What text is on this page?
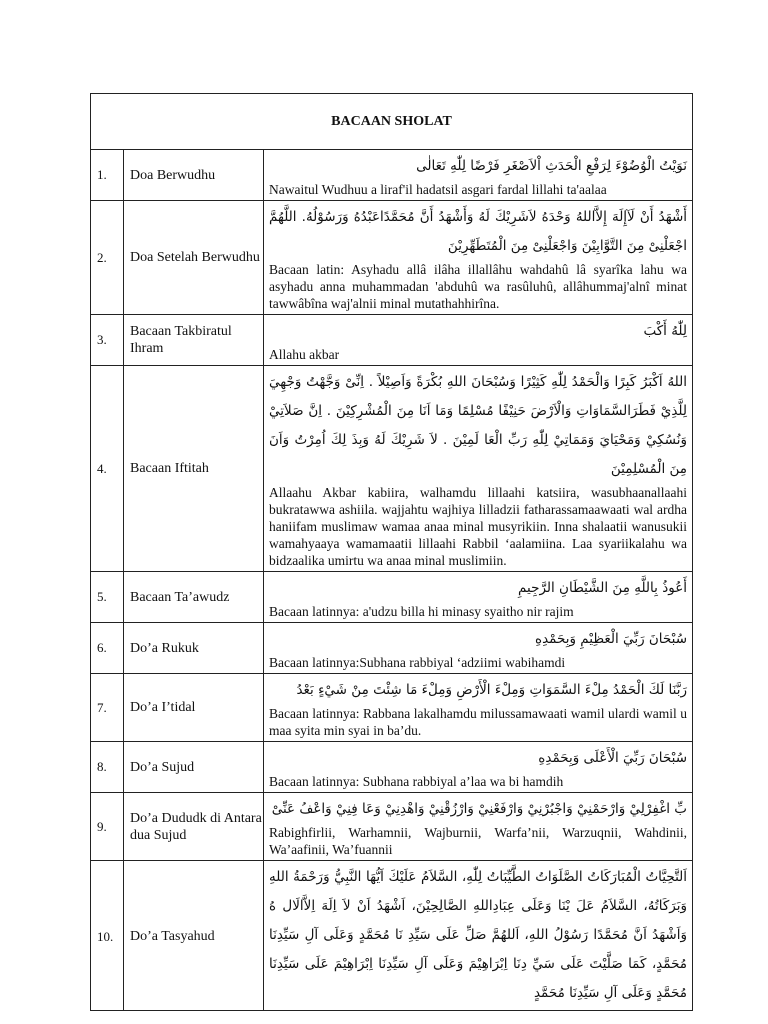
BACAAN SHOLAT		
1.	Doa Berwudhu	نَوَيْتُ الْوُضُوْءَ لِرَفْعِ الْحَدَثِ اْلاَصْغَرِ فَرْضًا لِلّٰهِ تَعَالٰى
Nawaitul Wudhuu a liraf'il hadatsil asgari fardal lillahi ta'aalaa

2.	Doa Setelah Berwudhu	أَشْهَدُ أَنْ لَآإِلَهَ إِلاَّاللهُ وَحْدَهُ لاَشَرِيْكَ لَهُ وَأَشْهَدُ أَنَّ مُحَمَّدًاعَبْدُهُ وَرَسُوْلُهُ. اللَّهُمَّ اجْعَلْنِىْ مِنَ التَّوَّابِيْنَ وَاجْعَلْنِىْ مِنَ الْمُتَطَهِّرِيْنَ
Bacaan latin: Asyhadu allâ ilâha illallâhu wahdahû lâ syarîka lahu wa asyhadu anna muhammadan 'abduhû wa rasûluhû, allâhummaj'alnî minat tawwâbîna waj'alnii minal mutathahhirîna.

3.	Bacaan Takbiratul Ihram	لِلّٰهُ أَكْبَ
Allahu akbar

4.	Bacaan Iftitah	اللهُ اَكْبَرُ كَبِرًا وَالْحَمْدُ لِلّٰهِ كَثِيْرًا وَسُبْحَانَ اللهِ بُكْرَةً وَاَصِيْلاً . اِنِّىْ وَجَّهْتُ وَجْهِيَ لِلَّذِيْ فَطَرَالسَّمَاوَاتِ وَالْاَرْضَ حَنِيْفًا مُسْلِمًا وَمَا اَنَا مِنَ الْمُشْرِكِيْنَ . اِنَّ صَلاَتِيْ وَنُسُكِيْ وَمَحْيَايَ وَمَمَاتِيْ لِلّٰهِ رَبِّ الْعَا لَمِيْنَ . لاَ شَرِيْكَ لَهُ وَبِذَ لِكَ اُمِرْتُ وَاَنَ مِنَ الْمُسْلِمِيْنَ
Allaahu Akbar kabiira, walhamdu lillaahi katsiira, wasubhaanallaahi bukratawwa ashiila. wajjahtu wajhiya lilladzii fatharassamaawaati wal ardha haniifam muslimaw wamaa anaa minal musyrikiin. Inna shalaatii wanusukii wamahyaaya wamamaatii lillaahi Rabbil ‘aalamiina. Laa syariikalahu wa bidzaalika umirtu wa anaa minal muslimiin.

5.	Bacaan Ta’awudz	أَعُوذُ بِاللَّهِ مِنَ الشَّيْطَانِ الرَّجِيمِ
Bacaan latinnya: a'udzu billa hi minasy syaitho nir rajim

6.	Do’a Rukuk	سُبْحَانَ رَبِّيَ الْعَظِيْمِ وَبِحَمْدِهِ
Bacaan latinnya:Subhana rabbiyal ‘adziimi wabihamdi

7.	Do’a I’tidal	رَبَّنَا لَكَ الْحَمْدُ مِلْءَ السَّمَوَاتِ وَمِلْءَ الْأَرْضِ وَمِلْءَ مَا شِئْتَ مِنْ شَيْءٍ بَعْدُ
Bacaan latinnya: Rabbana lakalhamdu milussamawaati wamil ulardi wamil u maa syita min syai in ba’du.

8.	Do’a Sujud	سُبْحَانَ رَبِّيَ الْأَعْلَى وَبِحَمْدِهِ
Bacaan latinnya: Subhana rabbiyal a’laa wa bi hamdih

9.	Do’a Dududk di Antara dua Sujud	بِّ اغْفِرْلِيْ وَارْحَمْنِيْ وَاجْبُرْنِيْ وَارْفَعْنِيْ وَارْزُقْنِيْ وَاهْدِنِيْ وَعَا فِنِيْ وَاعْفُ عَنِّىْ
Rabighfirlii, Warhamnii, Wajburnii, Warfa’nii, Warzuqnii, Wahdinii, Wa’aafinii, Wa’fuannii

10.	Do’a Tasyahud	اَلتَّحِيَّاتُ الْمُبَارَكَاتُ الصَّلَوَاتُ الطَّيِّبَاتُ لِلّٰهِ، السَّلاَمُ عَلَيْكَ اَيُّهَا النَّبِيُّ وَرَحْمَةُ اللهِ وَبَرَكَاتُهُ، السَّلاَمُ عَلَ يْنَا وَعَلَى عِبَادِاللهِ الصَّالِحِيْنَ، اَشْهَدُ اَنْ لاَ اِلَهَ اِلاَّالَال هُ وَاَشْهَدُ اَنَّ مُحَمَّدًا رَسُوْلُ اللهِ، اَللهُمَّ صَلِّ عَلَى سَيِّدِ نَا مُحَمَّدٍ وَعَلَى آلِ سَيِّدِنَا مُحَمَّدٍ، كَمَا صَلَّيْتَ عَلَى سَيِّ دِنَا اِبْرَاهِيْمَ وَعَلَى آلِ سَيِّدِنَا اِبْرَاهِيْمَ عَلَى سَيِّدِنَا مُحَمَّدٍ وَعَلَى آلِ سَيِّدِنَا مُحَمَّدٍ
